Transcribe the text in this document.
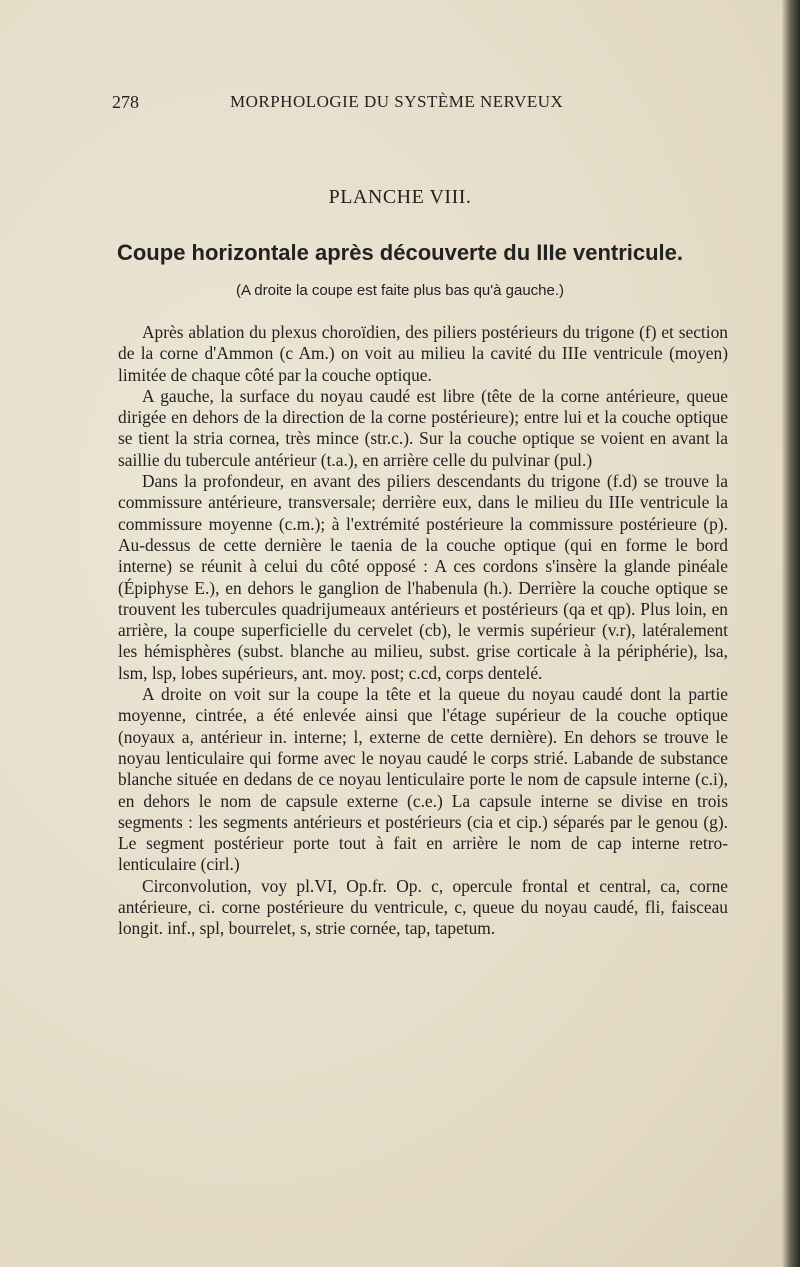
278	MORPHOLOGIE DU SYSTÈME NERVEUX
PLANCHE VIII.
Coupe horizontale après découverte du IIIe ventricule.
(A droite la coupe est faite plus bas qu'à gauche.)

Après ablation du plexus choroïdien, des piliers postérieurs du trigone (f) et section de la corne d'Ammon (c Am.) on voit au milieu la cavité du IIIe ventricule (moyen) limitée de chaque côté par la couche optique.

A gauche, la surface du noyau caudé est libre (tête de la corne antérieure, queue dirigée en dehors de la direction de la corne postérieure); entre lui et la couche optique se tient la stria cornea, très mince (str.c.). Sur la couche optique se voient en avant la saillie du tubercule antérieur (t.a.), en arrière celle du pulvinar (pul.)

Dans la profondeur, en avant des piliers descendants du trigone (f.d) se trouve la commissure antérieure, transversale; derrière eux, dans le milieu du IIIe ventricule la commissure moyenne (c.m.); à l'extrémité postérieure la commissure postérieure (p). Au-dessus de cette dernière le taenia de la couche optique (qui en forme le bord interne) se réunit à celui du côté opposé : A ces cordons s'insère la glande pinéale (Épiphyse E.), en dehors le ganglion de l'habenula (h.). Derrière la couche optique se trouvent les tubercules quadrijumeaux antérieurs et postérieurs (qa et qp). Plus loin, en arrière, la coupe superficielle du cervelet (cb), le vermis supérieur (v.r), latéralement les hémisphères (subst. blanche au milieu, subst. grise corticale à la périphérie), lsa, lsm, lsp, lobes supérieurs, ant. moy. post; c.cd, corps dentelé.

A droite on voit sur la coupe la tête et la queue du noyau caudé dont la partie moyenne, cintrée, a été enlevée ainsi que l'étage supérieur de la couche optique (noyaux a, antérieur in. interne; l, externe de cette dernière). En dehors se trouve le noyau lenticulaire qui forme avec le noyau caudé le corps strié. Labande de substance blanche située en dedans de ce noyau lenticulaire porte le nom de capsule interne (c.i), en dehors le nom de capsule externe (c.e.) La capsule interne se divise en trois segments : les segments antérieurs et postérieurs (cia et cip.) séparés par le genou (g). Le segment postérieur porte tout à fait en arrière le nom de cap interne retro-lenticulaire (cirl.)

Circonvolution, voy pl.VI, Op.fr. Op. c, opercule frontal et central, ca, corne antérieure, ci. corne postérieure du ventricule, c, queue du noyau caudé, fli, faisceau longit. inf., spl, bourrelet, s, strie cornée, tap, tapetum.
